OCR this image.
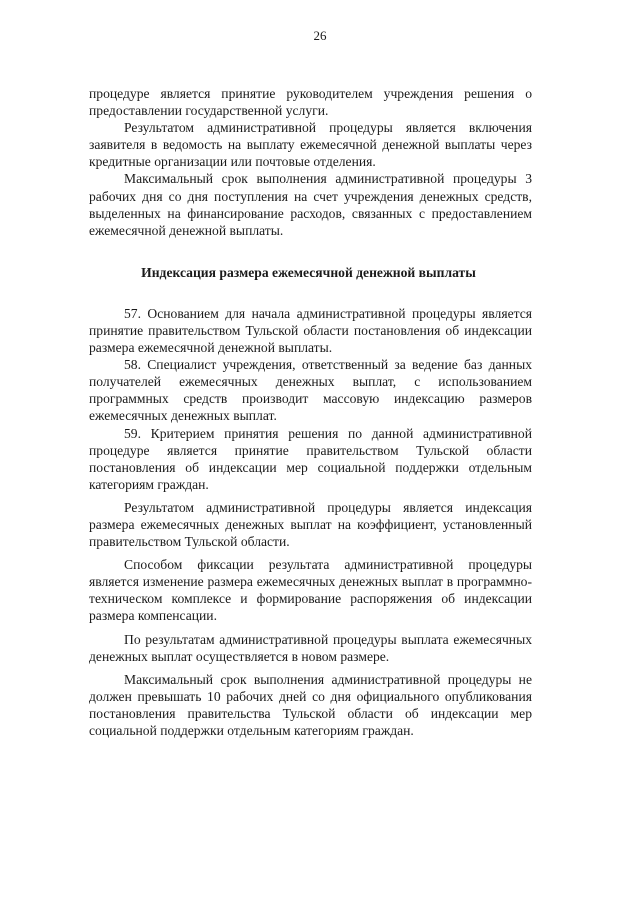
26

процедуре является принятие руководителем учреждения решения о предоставлении государственной услуги.

Результатом административной процедуры является включения заявителя в ведомость на выплату ежемесячной денежной выплаты через кредитные организации или почтовые отделения.

Максимальный срок выполнения административной процедуры 3 рабочих дня со дня поступления на счет учреждения денежных средств, выделенных на финансирование расходов, связанных с предоставлением ежемесячной денежной выплаты.

Индексация размера ежемесячной денежной выплаты

57. Основанием для начала административной процедуры является принятие правительством Тульской области постановления об индексации размера ежемесячной денежной выплаты.

58. Специалист учреждения, ответственный за ведение баз данных получателей ежемесячных денежных выплат, с использованием программных средств производит массовую индексацию размеров ежемесячных денежных выплат.

59. Критерием принятия решения по данной административной процедуре является принятие правительством Тульской области постановления об индексации мер социальной поддержки отдельным категориям граждан.

Результатом административной процедуры является индексация размера ежемесячных денежных выплат на коэффициент, установленный правительством Тульской области.

Способом фиксации результата административной процедуры является изменение размера ежемесячных денежных выплат в программно-техническом комплексе и формирование распоряжения об индексации размера компенсации.

По результатам административной процедуры выплата ежемесячных денежных выплат осуществляется в новом размере.

Максимальный срок выполнения административной процедуры не должен превышать 10 рабочих дней со дня официального опубликования постановления правительства Тульской области об индексации мер социальной поддержки отдельным категориям граждан.
